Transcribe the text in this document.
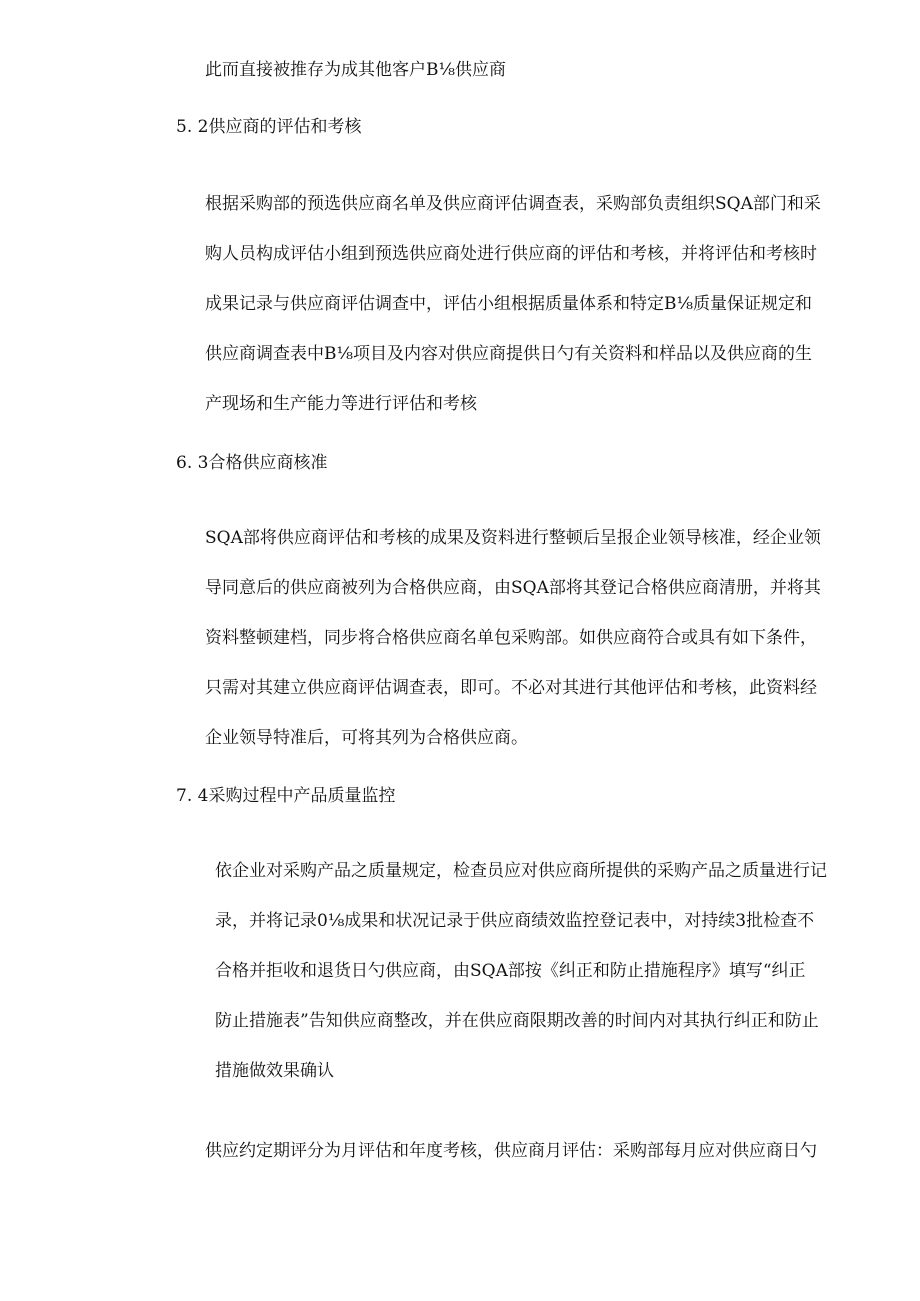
此而直接被推存为成其他客户B⅛供应商
5. 2供应商的评估和考核
根据采购部的预选供应商名单及供应商评估调查表，采购部负责组织SQA部门和采
购人员构成评估小组到预选供应商处进行供应商的评估和考核，并将评估和考核时
成果记录与供应商评估调查中，评估小组根据质量体系和特定B⅛质量保证规定和
供应商调查表中B⅛项目及内容对供应商提供日勺有关资料和样品以及供应商的生
产现场和生产能力等进行评估和考核
6. 3合格供应商核准
SQA部将供应商评估和考核的成果及资料进行整顿后呈报企业领导核准，经企业领
导同意后的供应商被列为合格供应商，由SQA部将其登记合格供应商清册，并将其
资料整顿建档，同步将合格供应商名单包采购部。如供应商符合或具有如下条件，
只需对其建立供应商评估调查表，即可。不必对其进行其他评估和考核，此资料经
企业领导特准后，可将其列为合格供应商。
7. 4采购过程中产品质量监控
依企业对采购产品之质量规定，检查员应对供应商所提供的采购产品之质量进行记
录，并将记录0⅛成果和状况记录于供应商绩效监控登记表中，对持续3批检查不
合格并拒收和退货日勺供应商，由SQA部按《纠正和防止措施程序》填写“纠正
防止措施表”告知供应商整改，并在供应商限期改善的时间内对其执行纠正和防止
措施做效果确认
供应约定期评分为月评估和年度考核，供应商月评估：采购部每月应对供应商日勺
